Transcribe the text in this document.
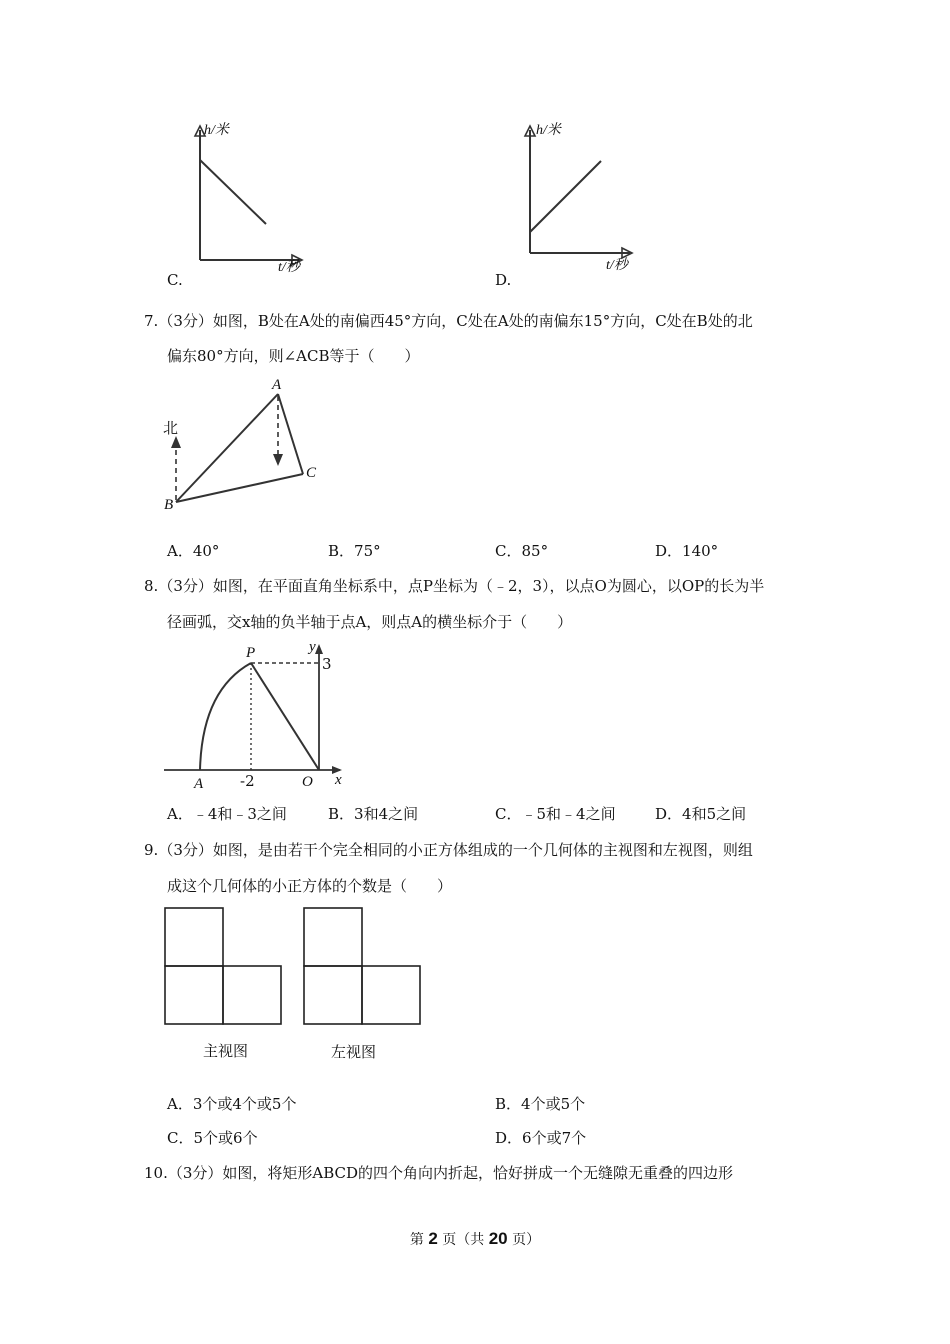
h/米
t/秒
C.
h/米
t/秒
D.
7.（3分）如图，B处在A处的南偏西45°方向，C处在A处的南偏东15°方向，C处在B处的北
偏东80°方向，则∠ACB等于（　　）
北
A
B
C
A．40°	B．75°	C．85°	D．140°
8.（3分）如图，在平面直角坐标系中，点P坐标为（﹣2，3），以点O为圆心，以OP的长为半
径画弧，交x轴的负半轴于点A，则点A的横坐标介于（　　）
P	y
3
A -2	O x
A．﹣4和﹣3之间	B．3和4之间	C．﹣5和﹣4之间	D．4和5之间
9.（3分）如图，是由若干个完全相同的小正方体组成的一个几何体的主视图和左视图，则组
成这个几何体的小正方体的个数是（　　）
主视图	左视图
A．3个或4个或5个	B．4个或5个
C．5个或6个	D．6个或7个
10.（3分）如图，将矩形ABCD的四个角向内折起，恰好拼成一个无缝隙无重叠的四边形
第 2 页（共 20 页）
